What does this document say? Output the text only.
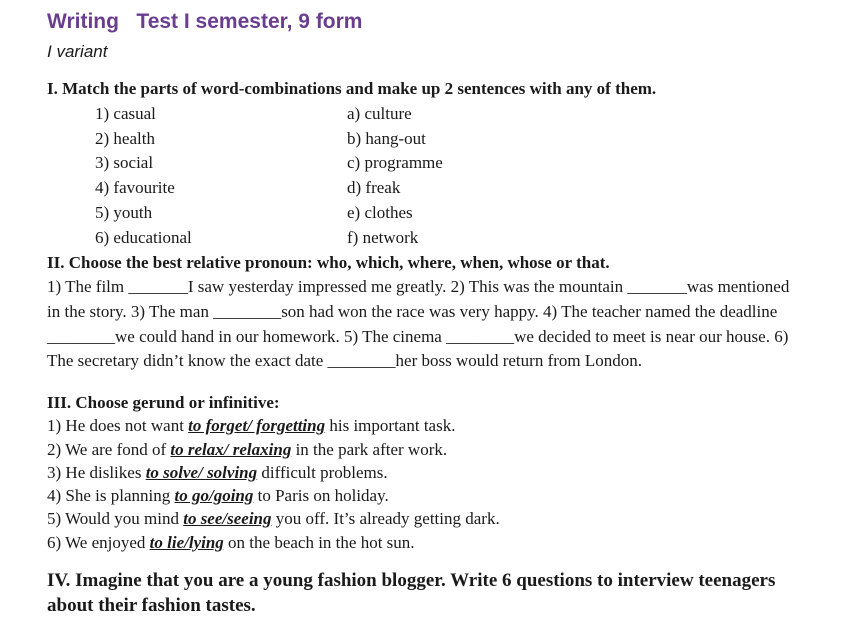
Writing   Test I semester, 9 form
I variant
I. Match the parts of word-combinations and make up 2 sentences with any of them.
1) casual
2) health
3) social
4) favourite
5) youth
6) educational
a) culture
b) hang-out
c) programme
d) freak
e) clothes
f) network
II. Choose the best relative pronoun: who, which, where, when, whose or that.
1) The film _______I saw yesterday impressed me greatly. 2) This was the mountain _______was mentioned
in the story. 3) The man ________son had won the race was very happy. 4) The teacher named the deadline
________we could hand in our homework. 5) The cinema ________we decided to meet is near our house. 6)
The secretary didn’t know the exact date ________her boss would return from London.
III. Choose gerund or infinitive:
1) He does not want to forget/ forgetting his important task.
2) We are fond of to relax/ relaxing in the park after work.
3) He dislikes to solve/ solving difficult problems.
4) She is planning to go/going to Paris on holiday.
5) Would you mind to see/seeing you off. It’s already getting dark.
6) We enjoyed to lie/lying on the beach in the hot sun.
IV. Imagine that you are a young fashion blogger. Write 6 questions to interview teenagers
about their fashion tastes.
